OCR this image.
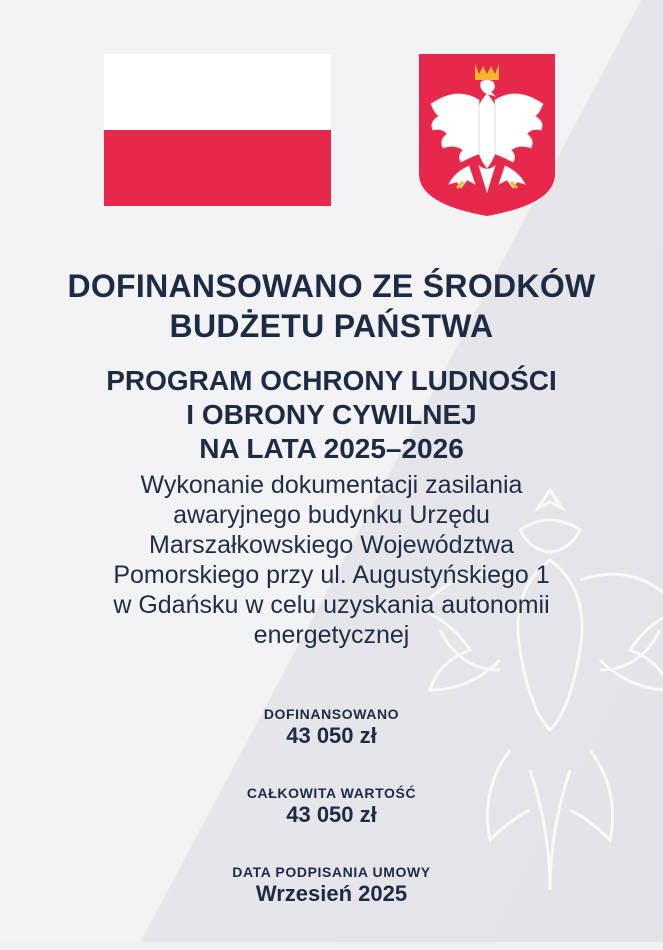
DOFINANSOWANO ZE ŚRODKÓW
BUDŻETU PAŃSTWA
PROGRAM OCHRONY LUDNOŚCI
I OBRONY CYWILNEJ
NA LATA 2025–2026
Wykonanie dokumentacji zasilania
awaryjnego budynku Urzędu
Marszałkowskiego Województwa
Pomorskiego przy ul. Augustyńskiego 1
w Gdańsku w celu uzyskania autonomii
energetycznej
DOFINANSOWANO
43 050 zł
CAŁKOWITA WARTOŚĆ
43 050 zł
DATA PODPISANIA UMOWY
Wrzesień 2025
